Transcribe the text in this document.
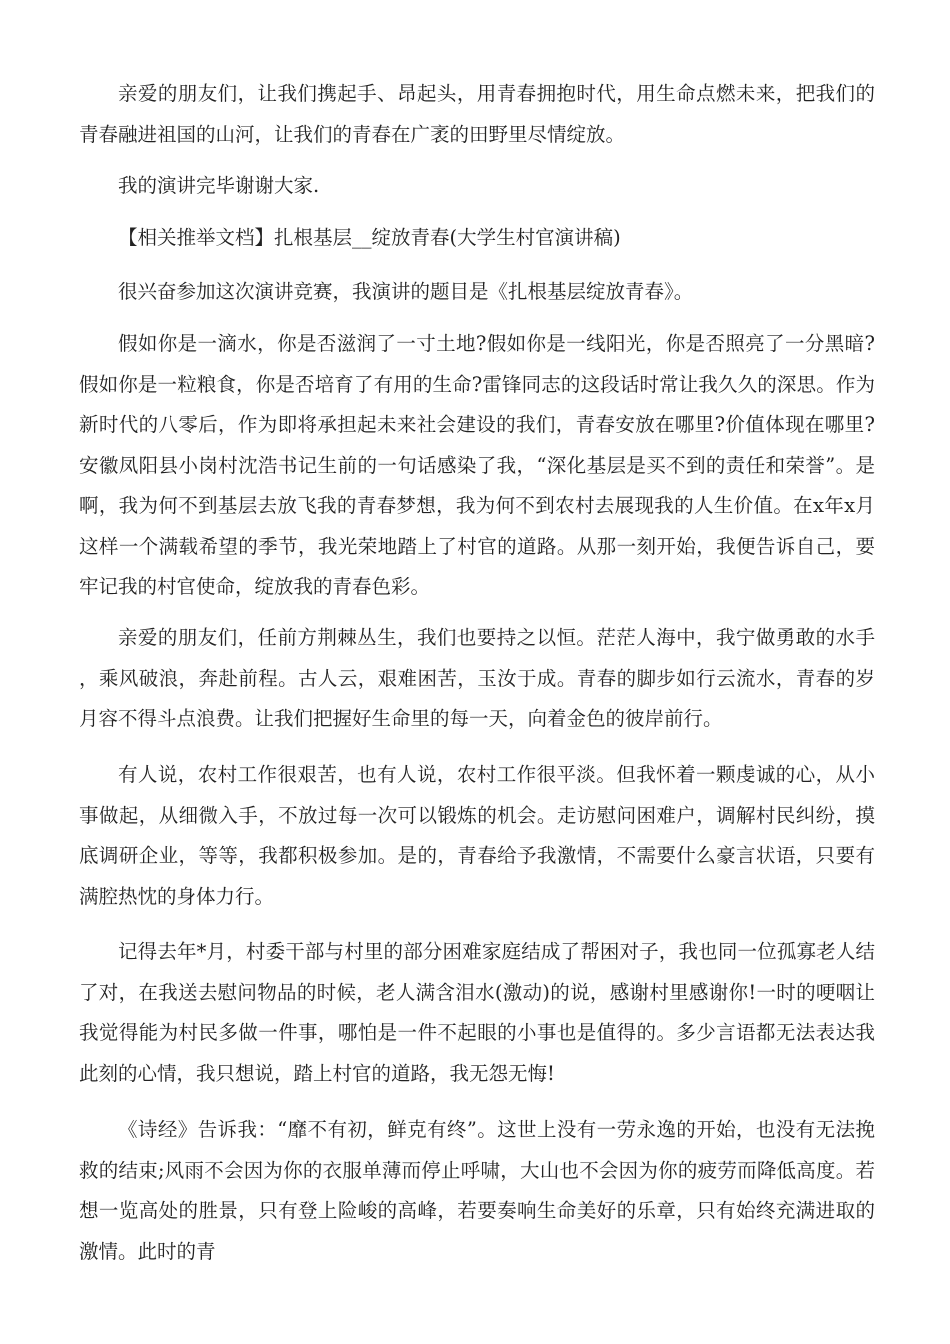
亲爱的朋友们，让我们携起手、昂起头，用青春拥抱时代，用生命点燃未来，把我们的青春融进祖国的山河，让我们的青春在广袤的田野里尽情绽放。

我的演讲完毕谢谢大家.

【相关推举文档】扎根基层__绽放青春(大学生村官演讲稿)

很兴奋参加这次演讲竞赛，我演讲的题目是《扎根基层绽放青春》。

假如你是一滴水，你是否滋润了一寸土地?假如你是一线阳光，你是否照亮了一分黑暗?假如你是一粒粮食，你是否培育了有用的生命?雷锋同志的这段话时常让我久久的深思。作为新时代的八零后，作为即将承担起未来社会建设的我们，青春安放在哪里?价值体现在哪里?安徽凤阳县小岗村沈浩书记生前的一句话感染了我，“深化基层是买不到的责任和荣誉”。是啊，我为何不到基层去放飞我的青春梦想，我为何不到农村去展现我的人生价值。在x年x月这样一个满载希望的季节，我光荣地踏上了村官的道路。从那一刻开始，我便告诉自己，要牢记我的村官使命，绽放我的青春色彩。

亲爱的朋友们，任前方荆棘丛生，我们也要持之以恒。茫茫人海中，我宁做勇敢的水手，乘风破浪，奔赴前程。古人云，艰难困苦，玉汝于成。青春的脚步如行云流水，青春的岁月容不得斗点浪费。让我们把握好生命里的每一天，向着金色的彼岸前行。

有人说，农村工作很艰苦，也有人说，农村工作很平淡。但我怀着一颗虔诚的心，从小事做起，从细微入手，不放过每一次可以锻炼的机会。走访慰问困难户，调解村民纠纷，摸底调研企业，等等，我都积极参加。是的，青春给予我激情，不需要什么豪言状语，只要有满腔热忱的身体力行。

记得去年*月，村委干部与村里的部分困难家庭结成了帮困对子，我也同一位孤寡老人结了对，在我送去慰问物品的时候，老人满含泪水(激动)的说，感谢村里感谢你!一时的哽咽让我觉得能为村民多做一件事，哪怕是一件不起眼的小事也是值得的。多少言语都无法表达我此刻的心情，我只想说，踏上村官的道路，我无怨无悔!

《诗经》告诉我：“靡不有初，鲜克有终”。这世上没有一劳永逸的开始，也没有无法挽救的结束;风雨不会因为你的衣服单薄而停止呼啸，大山也不会因为你的疲劳而降低高度。若想一览高处的胜景，只有登上险峻的高峰，若要奏响生命美好的乐章，只有始终充满进取的激情。此时的青
